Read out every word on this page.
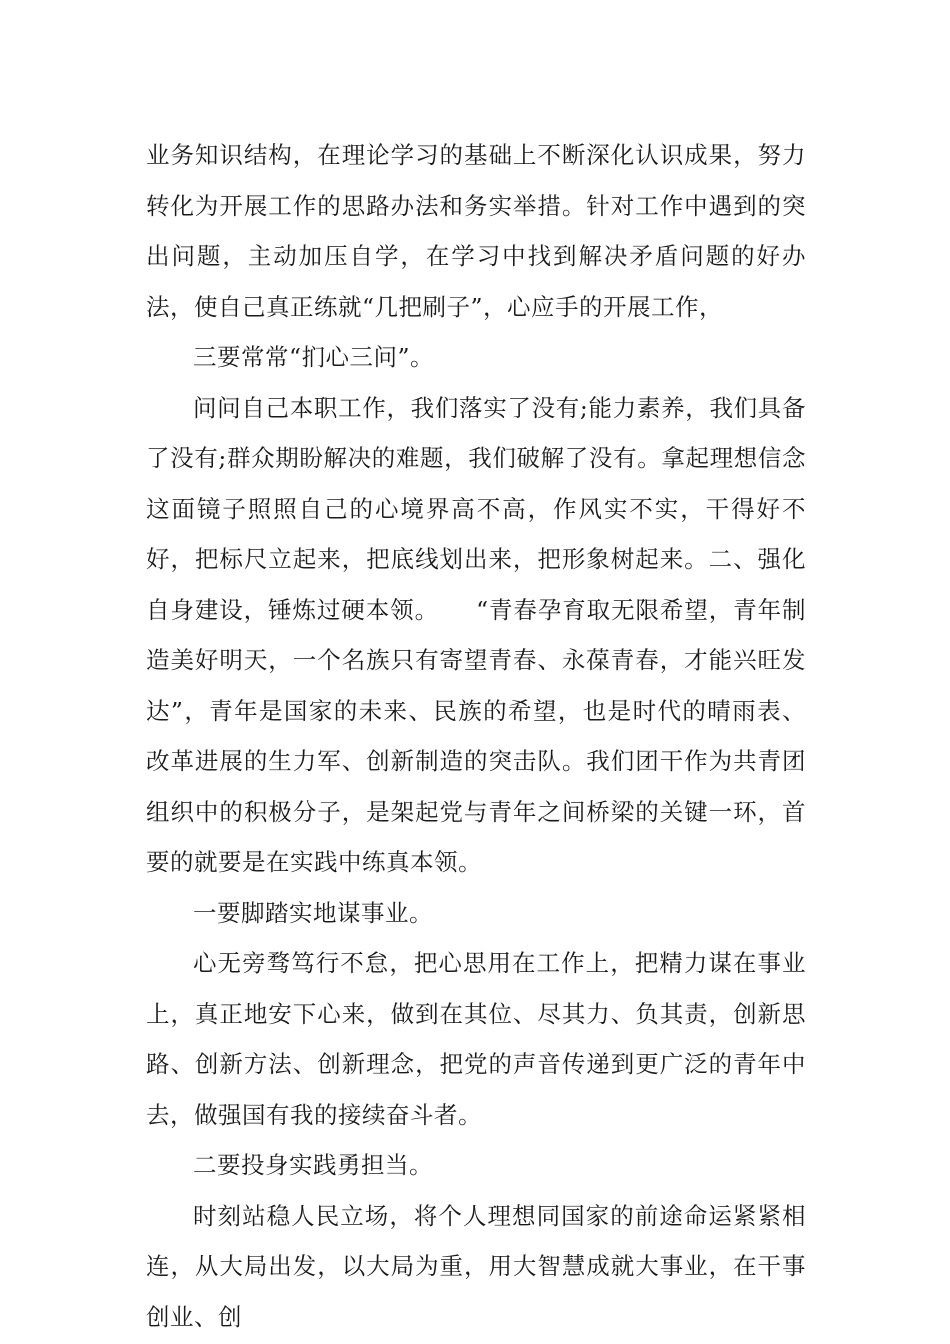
业务知识结构，在理论学习的基础上不断深化认识成果，努力转化为开展工作的思路办法和务实举措。针对工作中遇到的突出问题，主动加压自学，在学习中找到解决矛盾问题的好办法，使自己真正练就“几把刷子”，心应手的开展工作，

三要常常“扪心三问”。

问问自己本职工作，我们落实了没有;能力素养，我们具备了没有;群众期盼解决的难题，我们破解了没有。拿起理想信念这面镜子照照自己的心境界高不高，作风实不实，干得好不好，把标尺立起来，把底线划出来，把形象树起来。二、强化自身建设，锤炼过硬本领。　　“青春孕育取无限希望，青年制造美好明天，一个名族只有寄望青春、永葆青春，才能兴旺发达”，青年是国家的未来、民族的希望，也是时代的晴雨表、改革进展的生力军、创新制造的突击队。我们团干作为共青团组织中的积极分子，是架起党与青年之间桥梁的关键一环，首要的就要是在实践中练真本领。

一要脚踏实地谋事业。

心无旁骛笃行不怠，把心思用在工作上，把精力谋在事业上，真正地安下心来，做到在其位、尽其力、负其责，创新思路、创新方法、创新理念，把党的声音传递到更广泛的青年中去，做强国有我的接续奋斗者。

二要投身实践勇担当。

时刻站稳人民立场，将个人理想同国家的前途命运紧紧相连，从大局出发，以大局为重，用大智慧成就大事业，在干事创业、创
